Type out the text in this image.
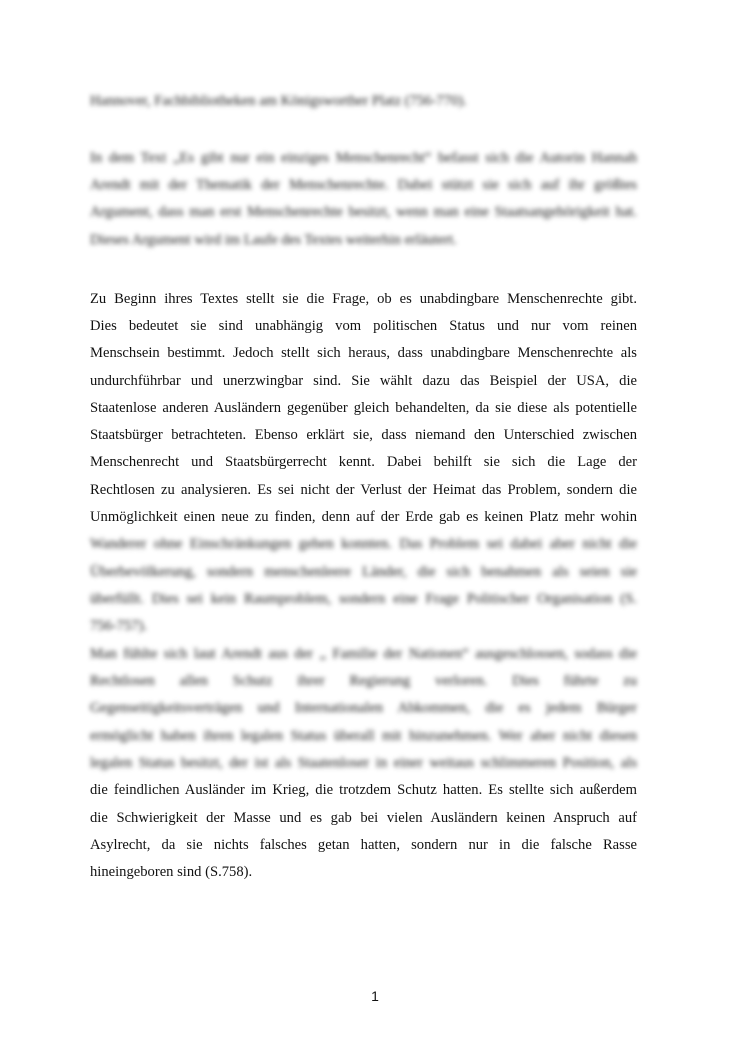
Hannover, Fachbibliotheken am Königsworther Platz (756-770).

In dem Text „Es gibt nur ein einziges Menschenrecht“ befasst sich die Autorin Hannah

Arendt mit der Thematik der Menschenrechte. Dabei stützt sie sich auf ihr größtes

Argument, dass man erst Menschenrechte besitzt, wenn man eine Staatsangehörigkeit hat.

Dieses Argument wird im Laufe des Textes weiterhin erläutert.

Zu Beginn ihres Textes stellt sie die Frage, ob es unabdingbare Menschenrechte gibt.

Dies bedeutet sie sind unabhängig vom politischen Status und nur vom reinen

Menschsein bestimmt. Jedoch stellt sich heraus, dass unabdingbare Menschenrechte als

undurchführbar und unerzwingbar sind. Sie wählt dazu das Beispiel der USA, die

Staatenlose anderen Ausländern gegenüber gleich behandelten, da sie diese als potentielle

Staatsbürger betrachteten. Ebenso erklärt sie, dass niemand den Unterschied zwischen

Menschenrecht und Staatsbürgerrecht kennt. Dabei behilft sie sich die Lage der

Rechtlosen zu analysieren. Es sei nicht der Verlust der Heimat das Problem, sondern die

Unmöglichkeit einen neue zu finden, denn auf der Erde gab es keinen Platz mehr wohin

Wanderer ohne Einschränkungen gehen konnten. Das Problem sei dabei aber nicht die

Überbevölkerung, sondern menschenleere Länder, die sich benahmen als seien sie

überfüllt. Dies sei kein Raumproblem, sondern eine Frage Politischer Organisation (S.

756-757).

Man fühlte sich laut Arendt aus der „ Familie der Nationen“ ausgeschlossen, sodass die

Rechtlosen allen Schutz ihrer Regierung verloren. Dies führte zu

Gegenseitigkeitsverträgen und Internationalen Abkommen, die es jedem Bürger

ermöglicht haben ihren legalen Status überall mit hinzunehmen. Wer aber nicht diesen

legalen Status besitzt, der ist als Staatenloser in einer weitaus schlimmeren Position, als

die feindlichen Ausländer im Krieg, die trotzdem Schutz hatten. Es stellte sich außerdem

die Schwierigkeit der Masse und es gab bei vielen Ausländern keinen Anspruch auf

Asylrecht, da sie nichts falsches getan hatten, sondern nur in die falsche Rasse

hineingeboren sind (S.758).

1
